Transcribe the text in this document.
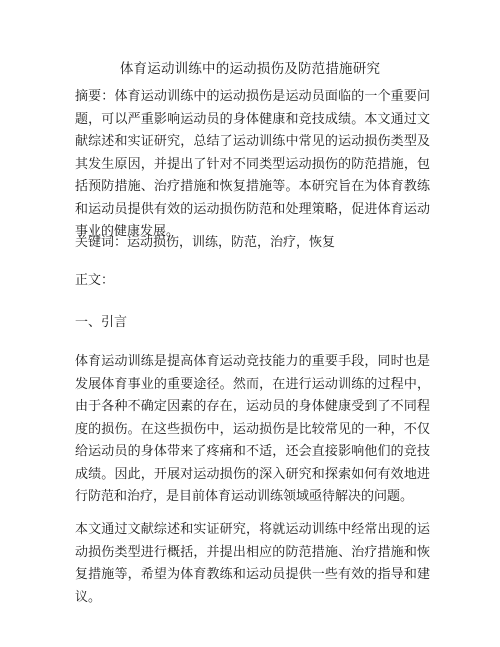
体育运动训练中的运动损伤及防范措施研究

摘要：体育运动训练中的运动损伤是运动员面临的一个重要问题，可以严重影响运动员的身体健康和竞技成绩。本文通过文献综述和实证研究，总结了运动训练中常见的运动损伤类型及其发生原因，并提出了针对不同类型运动损伤的防范措施，包括预防措施、治疗措施和恢复措施等。本研究旨在为体育教练和运动员提供有效的运动损伤防范和处理策略，促进体育运动事业的健康发展。

关键词：运动损伤，训练，防范，治疗，恢复

正文：

一、引言

体育运动训练是提高体育运动竞技能力的重要手段，同时也是发展体育事业的重要途径。然而，在进行运动训练的过程中，由于各种不确定因素的存在，运动员的身体健康受到了不同程度的损伤。在这些损伤中，运动损伤是比较常见的一种，不仅给运动员的身体带来了疼痛和不适，还会直接影响他们的竞技成绩。因此，开展对运动损伤的深入研究和探索如何有效地进行防范和治疗，是目前体育运动训练领域亟待解决的问题。

本文通过文献综述和实证研究，将就运动训练中经常出现的运动损伤类型进行概括，并提出相应的防范措施、治疗措施和恢复措施等，希望为体育教练和运动员提供一些有效的指导和建议。
